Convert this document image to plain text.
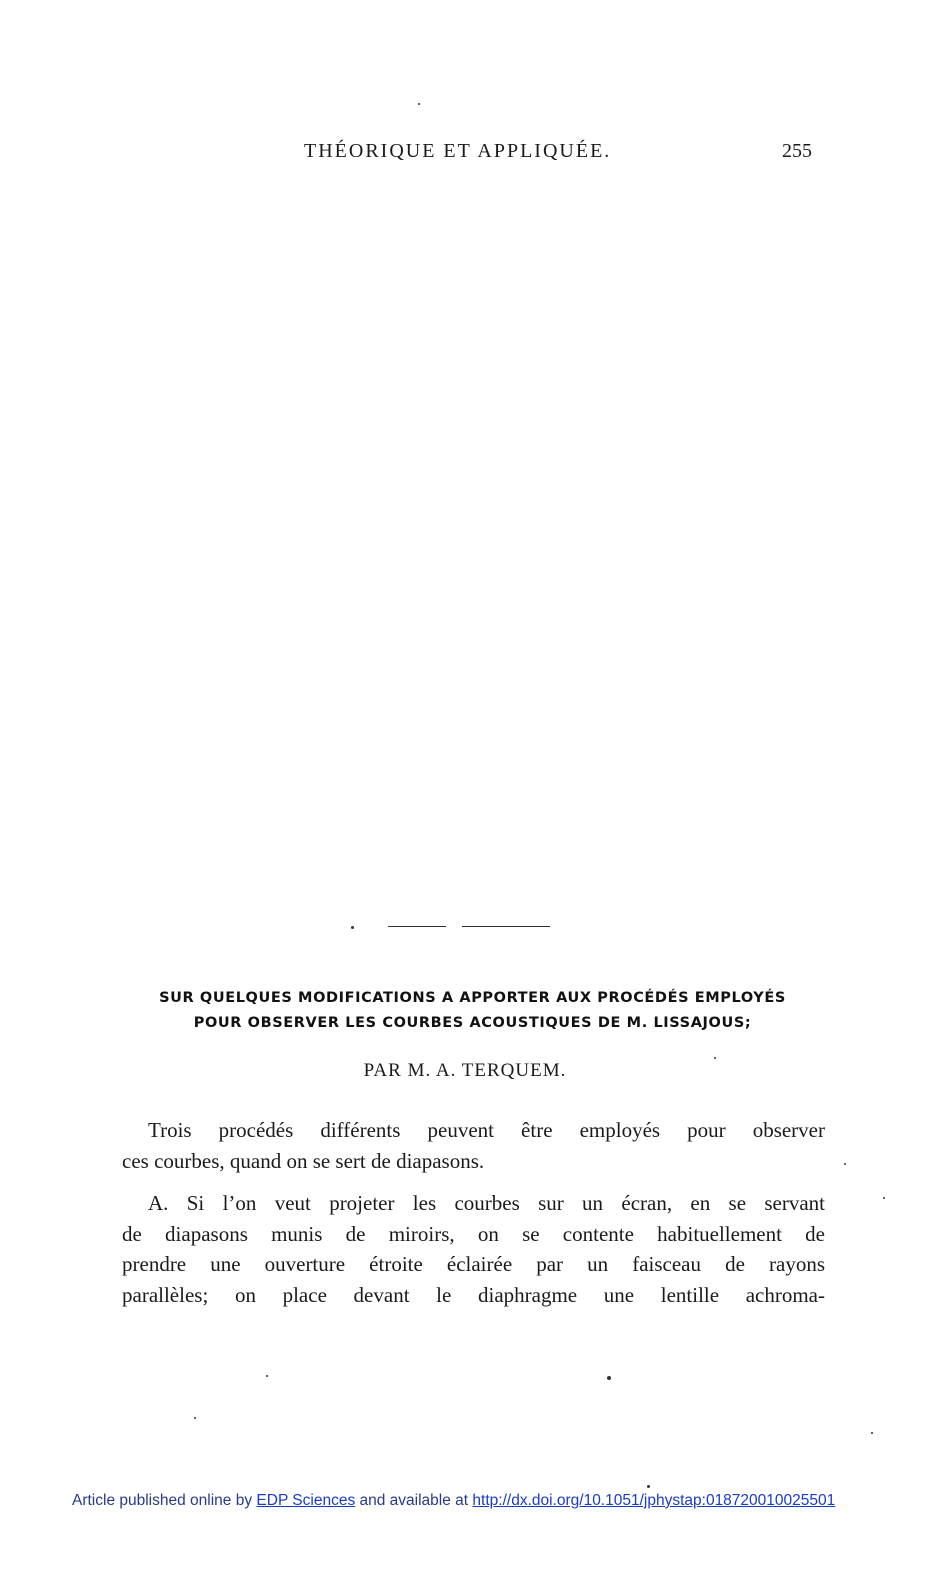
THÉORIQUE ET APPLIQUÉE.	255
SUR QUELQUES MODIFICATIONS A APPORTER AUX PROCÉDÉS EMPLOYÉS
POUR OBSERVER LES COURBES ACOUSTIQUES DE M. LISSAJOUS;
PAR M. A. TERQUEM.
Trois procédés différents peuvent être employés pour observer
ces courbes, quand on se sert de diapasons.
A. Si l’on veut projeter les courbes sur un écran, en se servant
de diapasons munis de miroirs, on se contente habituellement de
prendre une ouverture étroite éclairée par un faisceau de rayons
parallèles; on place devant le diaphragme une lentille achroma-
Article published online by EDP Sciences and available at http://dx.doi.org/10.1051/jphystap:018720010025501
